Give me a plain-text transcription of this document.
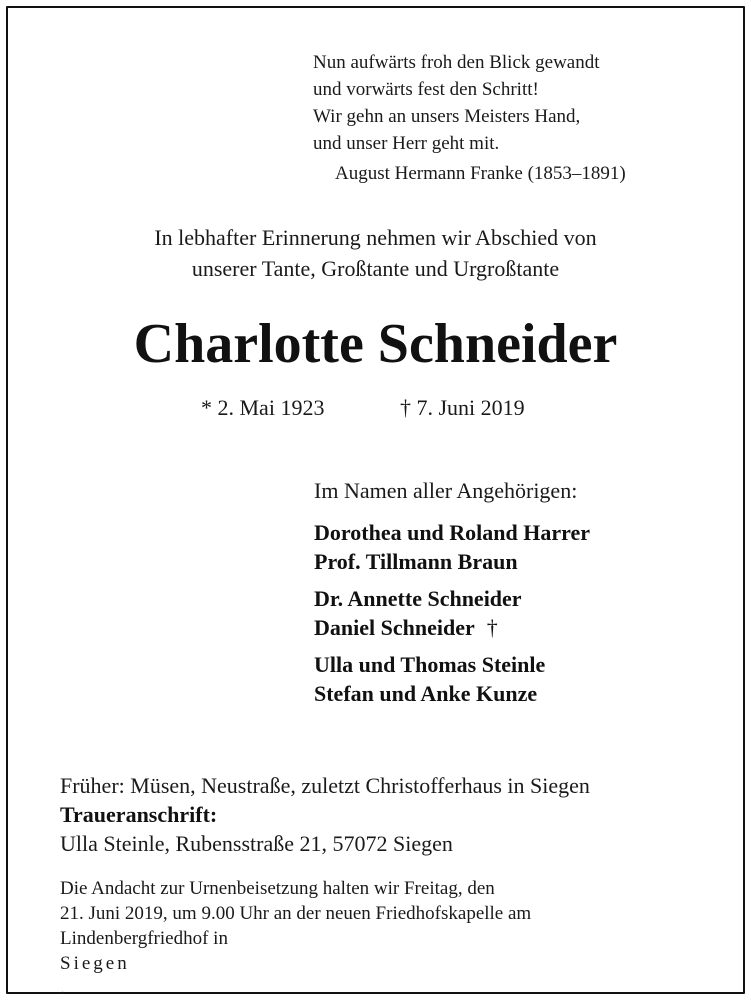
Nun aufwärts froh den Blick gewandt
und vorwärts fest den Schritt!
Wir gehn an unsers Meisters Hand,
und unser Herr geht mit.
August Hermann Franke (1853–1891)
In lebhafter Erinnerung nehmen wir Abschied von
unserer Tante, Großtante und Urgroßtante
Charlotte Schneider
* 2. Mai 1923	† 7. Juni 2019
Im Namen aller Angehörigen:
Dorothea und Roland Harrer
Prof. Tillmann Braun
Dr. Annette Schneider
Daniel Schneider †
Ulla und Thomas Steinle
Stefan und Anke Kunze
Früher: Müsen, Neustraße, zuletzt Christofferhaus in Siegen
Traueranschrift:
Ulla Steinle, Rubensstraße 21, 57072 Siegen
Die Andacht zur Urnenbeisetzung halten wir Freitag, den
21. Juni 2019, um 9.00 Uhr an der neuen Friedhofskapelle am
Lindenbergfriedhof in
Siegen
.
